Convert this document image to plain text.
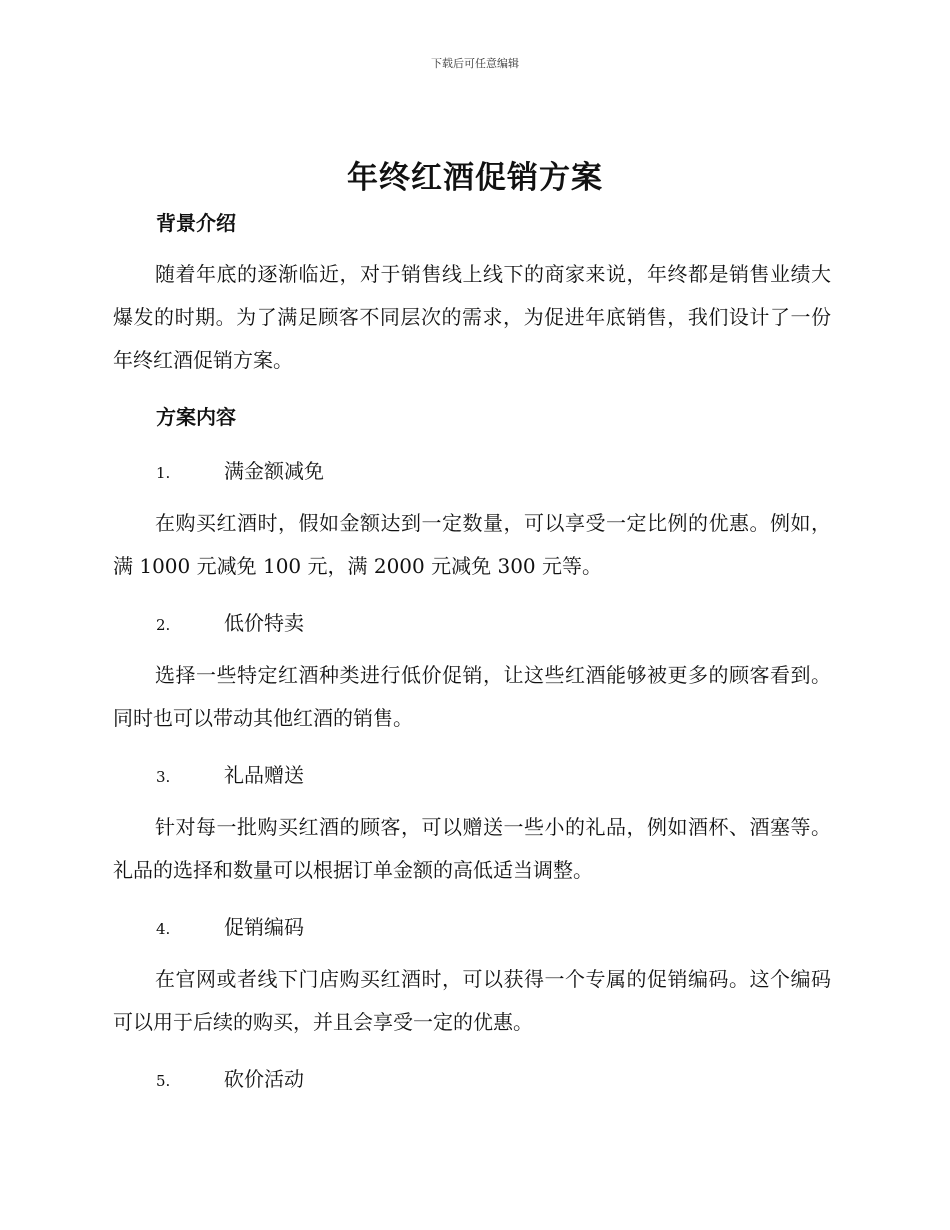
下载后可任意编辑
年终红酒促销方案
背景介绍

随着年底的逐渐临近，对于销售线上线下的商家来说，年终都是销售业绩大爆发的时期。为了满足顾客不同层次的需求，为促进年底销售，我们设计了一份年终红酒促销方案。

方案内容
1.	满金额减免

在购买红酒时，假如金额达到一定数量，可以享受一定比例的优惠。例如，满 1000 元减免 100 元，满 2000 元减免 300 元等。

2.	低价特卖

选择一些特定红酒种类进行低价促销，让这些红酒能够被更多的顾客看到。同时也可以带动其他红酒的销售。

3.	礼品赠送

针对每一批购买红酒的顾客，可以赠送一些小的礼品，例如酒杯、酒塞等。礼品的选择和数量可以根据订单金额的高低适当调整。

4.	促销编码

在官网或者线下门店购买红酒时，可以获得一个专属的促销编码。这个编码可以用于后续的购买，并且会享受一定的优惠。

5.	砍价活动
